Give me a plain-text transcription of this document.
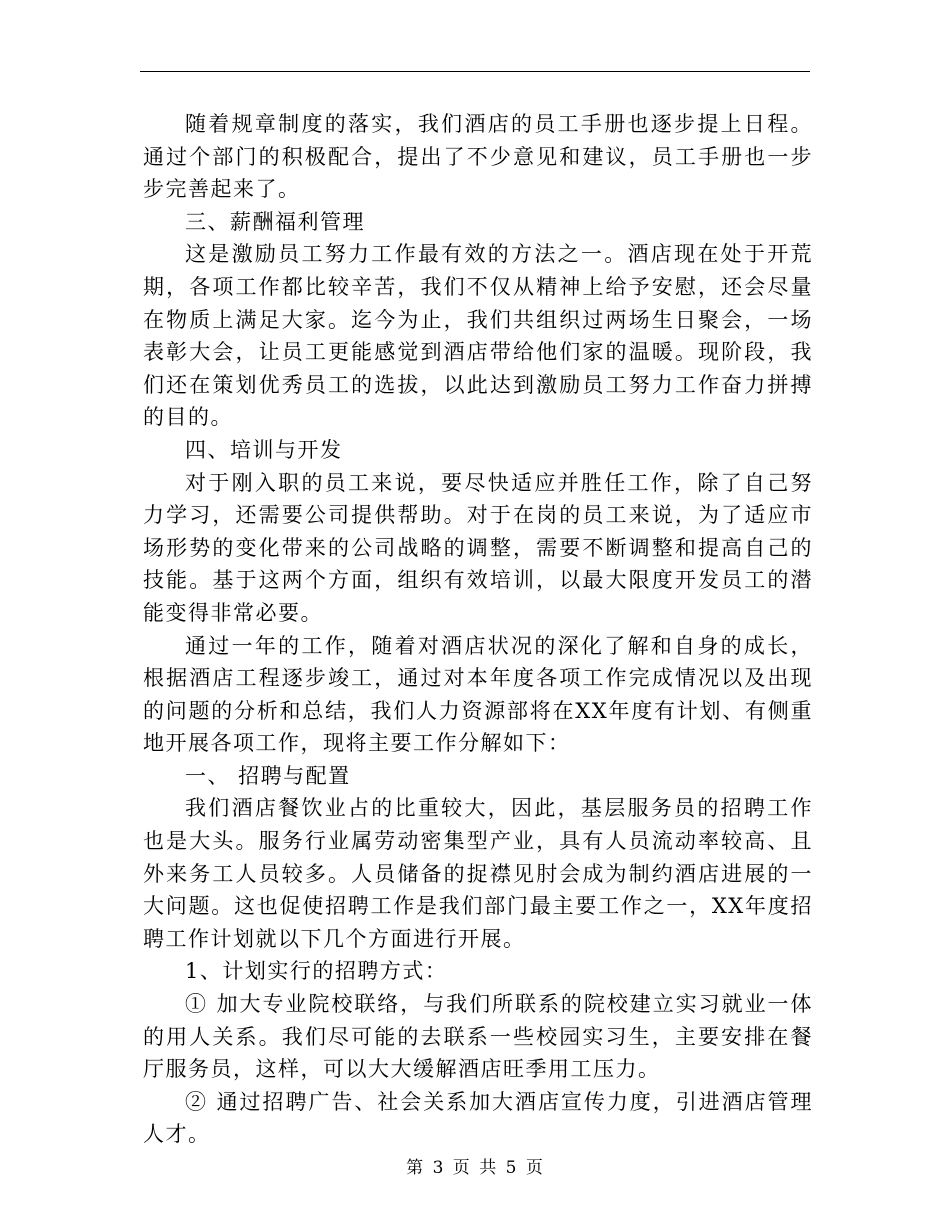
随着规章制度的落实，我们酒店的员工手册也逐步提上日程。通过个部门的积极配合，提出了不少意见和建议，员工手册也一步步完善起来了。

三、薪酬福利管理

这是激励员工努力工作最有效的方法之一。酒店现在处于开荒期，各项工作都比较辛苦，我们不仅从精神上给予安慰，还会尽量在物质上满足大家。迄今为止，我们共组织过两场生日聚会，一场表彰大会，让员工更能感觉到酒店带给他们家的温暖。现阶段，我们还在策划优秀员工的选拔，以此达到激励员工努力工作奋力拼搏的目的。

四、培训与开发

对于刚入职的员工来说，要尽快适应并胜任工作，除了自己努力学习，还需要公司提供帮助。对于在岗的员工来说，为了适应市场形势的变化带来的公司战略的调整，需要不断调整和提高自己的技能。基于这两个方面，组织有效培训，以最大限度开发员工的潜能变得非常必要。

通过一年的工作，随着对酒店状况的深化了解和自身的成长，根据酒店工程逐步竣工，通过对本年度各项工作完成情况以及出现的问题的分析和总结，我们人力资源部将在XX年度有计划、有侧重地开展各项工作，现将主要工作分解如下：

一、 招聘与配置

我们酒店餐饮业占的比重较大，因此，基层服务员的招聘工作也是大头。服务行业属劳动密集型产业，具有人员流动率较高、且外来务工人员较多。人员储备的捉襟见肘会成为制约酒店进展的一大问题。这也促使招聘工作是我们部门最主要工作之一，XX年度招聘工作计划就以下几个方面进行开展。

1、计划实行的招聘方式：

① 加大专业院校联络，与我们所联系的院校建立实习就业一体的用人关系。我们尽可能的去联系一些校园实习生，主要安排在餐厅服务员，这样，可以大大缓解酒店旺季用工压力。

② 通过招聘广告、社会关系加大酒店宣传力度，引进酒店管理人才。

第 3 页 共 5 页
